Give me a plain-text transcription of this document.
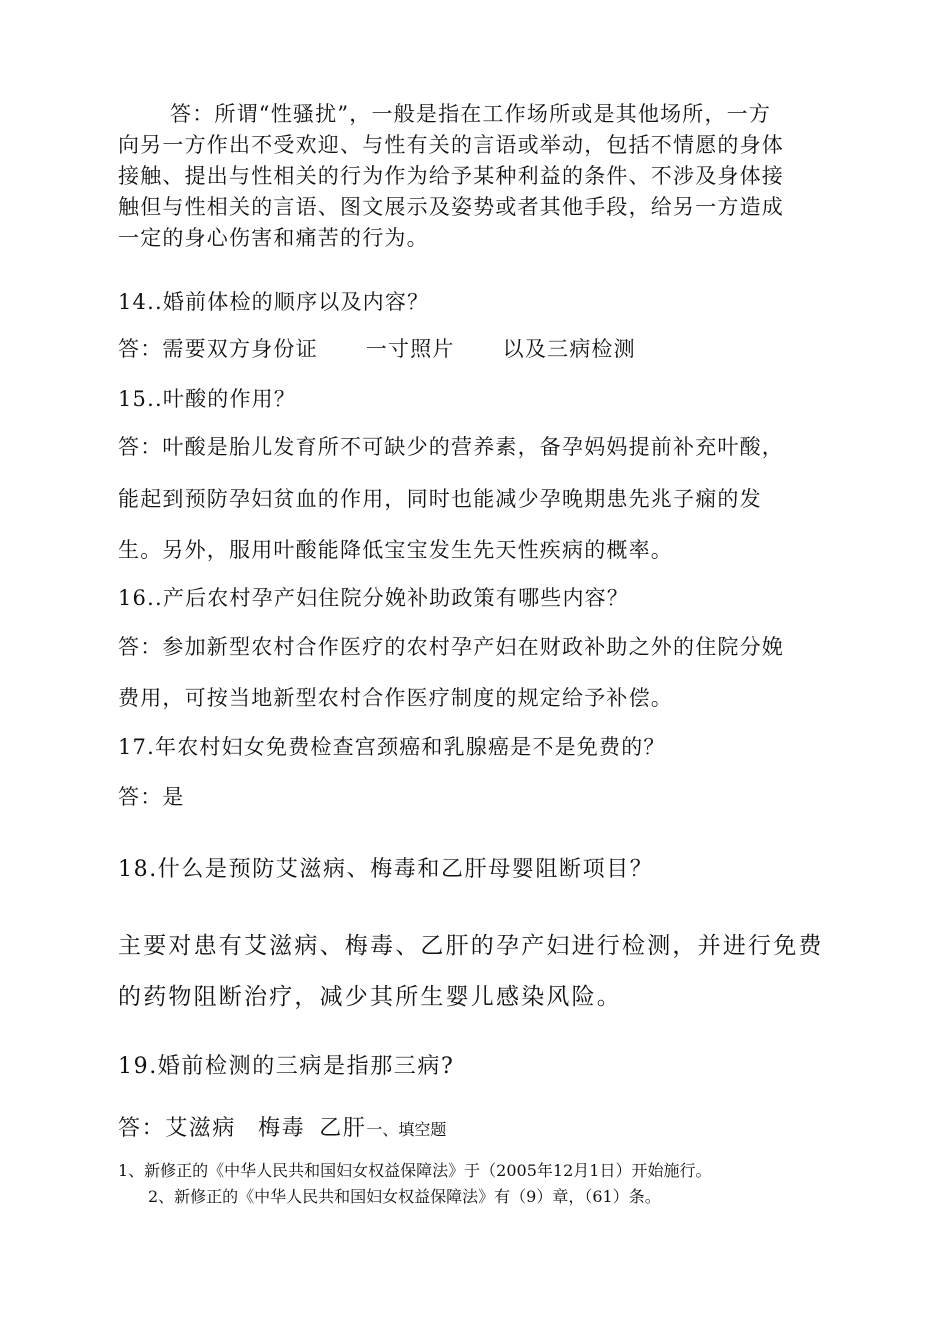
答：所谓“性骚扰”，一般是指在工作场所或是其他场所，一方
向另一方作出不受欢迎、与性有关的言语或举动，包括不情愿的身体
接触、提出与性相关的行为作为给予某种利益的条件、不涉及身体接
触但与性相关的言语、图文展示及姿势或者其他手段，给另一方造成
一定的身心伤害和痛苦的行为。
14..婚前体检的顺序以及内容？
答：需要双方身份证 一寸照片 以及三病检测
15..叶酸的作用？
答：叶酸是胎儿发育所不可缺少的营养素，备孕妈妈提前补充叶酸，
能起到预防孕妇贫血的作用，同时也能减少孕晚期患先兆子痫的发
生。另外，服用叶酸能降低宝宝发生先天性疾病的概率。
16..产后农村孕产妇住院分娩补助政策有哪些内容？
答：参加新型农村合作医疗的农村孕产妇在财政补助之外的住院分娩
费用，可按当地新型农村合作医疗制度的规定给予补偿。
17.年农村妇女免费检查宫颈癌和乳腺癌是不是免费的？
答：是
18.什么是预防艾滋病、梅毒和乙肝母婴阻断项目？
主要对患有艾滋病、梅毒、乙肝的孕产妇进行检测，并进行免费
的药物阻断治疗，减少其所生婴儿感染风险。
19.婚前检测的三病是指那三病?
答：艾滋病 梅毒 乙肝一、填空题
1、新修正的《中华人民共和国妇女权益保障法》于（2005年12月1日）开始施行。
2、新修正的《中华人民共和国妇女权益保障法》有（9）章，（61）条。
